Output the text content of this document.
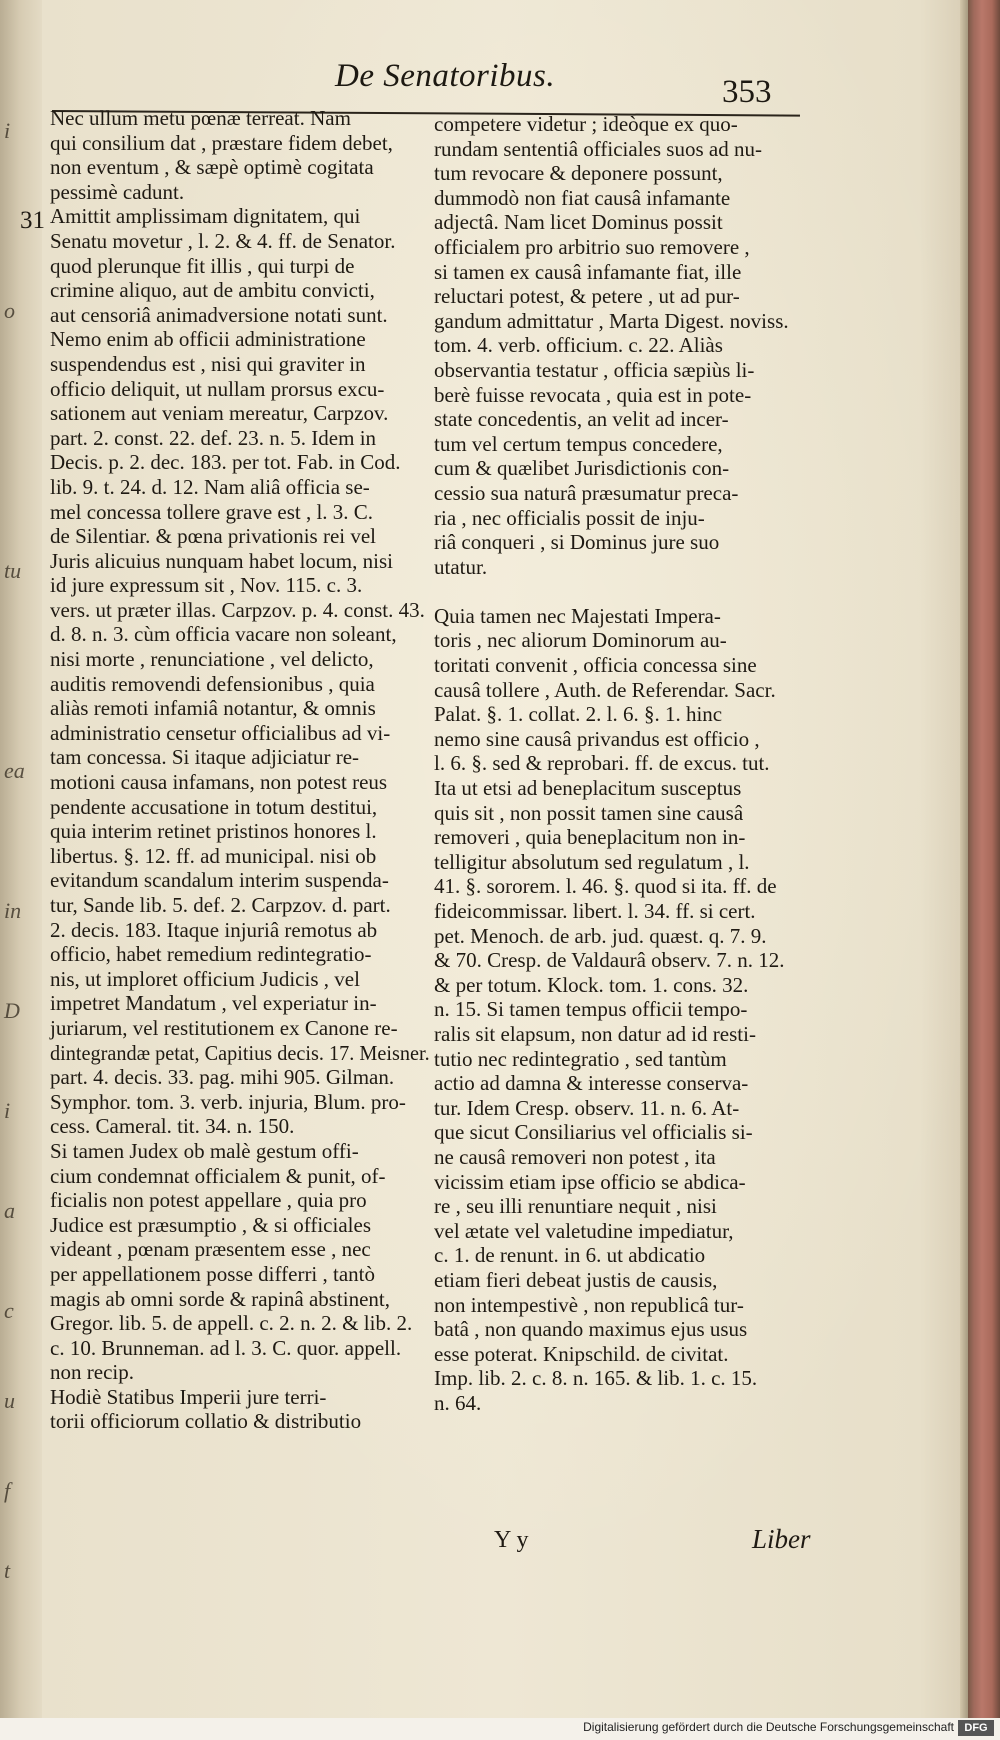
i
o
tu
ea
in
D
i
a
c
u
f
t
De Senatoribus.	353
31
Nec ullum metu pœnæ terreat. Nam
qui consilium dat , præstare fidem debet,
non eventum , & sæpè optimè cogitata
pessimè cadunt.
Amittit amplissimam dignitatem, qui
Senatu movetur , l. 2. & 4. ff. de Senator.
quod plerunque fit illis , qui turpi de
crimine aliquo, aut de ambitu convicti,
aut censoriâ animadversione notati sunt.
Nemo enim ab officii administratione
suspendendus est , nisi qui graviter in
officio deliquit, ut nullam prorsus excu-
sationem aut veniam mereatur, Carpzov.
part. 2. const. 22. def. 23. n. 5. Idem in
Decis. p. 2. dec. 183. per tot. Fab. in Cod.
lib. 9. t. 24. d. 12. Nam aliâ officia se-
mel concessa tollere grave est , l. 3. C.
de Silentiar. & pœna privationis rei vel
Juris alicuius nunquam habet locum, nisi
id jure expressum sit , Nov. 115. c. 3.
vers. ut præter illas. Carpzov. p. 4. const. 43.
d. 8. n. 3. cùm officia vacare non soleant,
nisi morte , renunciatione , vel delicto,
auditis removendi defensionibus , quia
aliàs remoti infamiâ notantur, & omnis
administratio censetur officialibus ad vi-
tam concessa. Si itaque adjiciatur re-
motioni causa infamans, non potest reus
pendente accusatione in totum destitui,
quia interim retinet pristinos honores l.
libertus. §. 12. ff. ad municipal. nisi ob
evitandum scandalum interim suspenda-
tur, Sande lib. 5. def. 2. Carpzov. d. part.
2. decis. 183. Itaque injuriâ remotus ab
officio, habet remedium redintegratio-
nis, ut imploret officium Judicis , vel
impetret Mandatum , vel experiatur in-
juriarum, vel restitutionem ex Canone re-
dintegrandæ petat, Capitius decis. 17. Meisner.
part. 4. decis. 33. pag. mihi 905. Gilman.
Symphor. tom. 3. verb. injuria, Blum. pro-
cess. Cameral. tit. 34. n. 150.
Si tamen Judex ob malè gestum offi-
cium condemnat officialem & punit, of-
ficialis non potest appellare , quia pro
Judice est præsumptio , & si officiales
videant , pœnam præsentem esse , nec
per appellationem posse differri , tantò
magis ab omni sorde & rapinâ abstinent,
Gregor. lib. 5. de appell. c. 2. n. 2. & lib. 2.
c. 10. Brunneman. ad l. 3. C. quor. appell.
non recip.
Hodiè Statibus Imperii jure terri-
torii officiorum collatio & distributio
competere videtur ; ideòque ex quo-
rundam sententiâ officiales suos ad nu-
tum revocare & deponere possunt,
dummodò non fiat causâ infamante
adjectâ. Nam licet Dominus possit
officialem pro arbitrio suo removere ,
si tamen ex causâ infamante fiat, ille
reluctari potest, & petere , ut ad pur-
gandum admittatur , Marta Digest. noviss.
tom. 4. verb. officium. c. 22. Aliàs
observantia testatur , officia sæpiùs li-
berè fuisse revocata , quia est in pote-
state concedentis, an velit ad incer-
tum vel certum tempus concedere,
cum & quælibet Jurisdictionis con-
cessio sua naturâ præsumatur preca-
ria , nec officialis possit de inju-
riâ conqueri , si Dominus jure suo
utatur.
Quia tamen nec Majestati Impera-
toris , nec aliorum Dominorum au-
toritati convenit , officia concessa sine
causâ tollere , Auth. de Referendar. Sacr.
Palat. §. 1. collat. 2. l. 6. §. 1. hinc
nemo sine causâ privandus est officio ,
l. 6. §. sed & reprobari. ff. de excus. tut.
Ita ut etsi ad beneplacitum susceptus
quis sit , non possit tamen sine causâ
removeri , quia beneplacitum non in-
telligitur absolutum sed regulatum , l.
41. §. sororem. l. 46. §. quod si ita. ff. de
fideicommissar. libert. l. 34. ff. si cert.
pet. Menoch. de arb. jud. quæst. q. 7. 9.
& 70. Cresp. de Valdaurâ observ. 7. n. 12.
& per totum. Klock. tom. 1. cons. 32.
n. 15. Si tamen tempus officii tempo-
ralis sit elapsum, non datur ad id resti-
tutio nec redintegratio , sed tantùm
actio ad damna & interesse conserva-
tur. Idem Cresp. observ. 11. n. 6. At-
que sicut Consiliarius vel officialis si-
ne causâ removeri non potest , ita
vicissim etiam ipse officio se abdica-
re , seu illi renuntiare nequit , nisi
vel ætate vel valetudine impediatur,
c. 1. de renunt. in 6. ut abdicatio
etiam fieri debeat justis de causis,
non intempestivè , non republicâ tur-
batâ , non quando maximus ejus usus
esse poterat. Knipschild. de civitat.
Imp. lib. 2. c. 8. n. 165. & lib. 1. c. 15.
n. 64.
Y y	Liber
Digitalisierung gefördert durch die Deutsche Forschungsgemeinschaft DFG
